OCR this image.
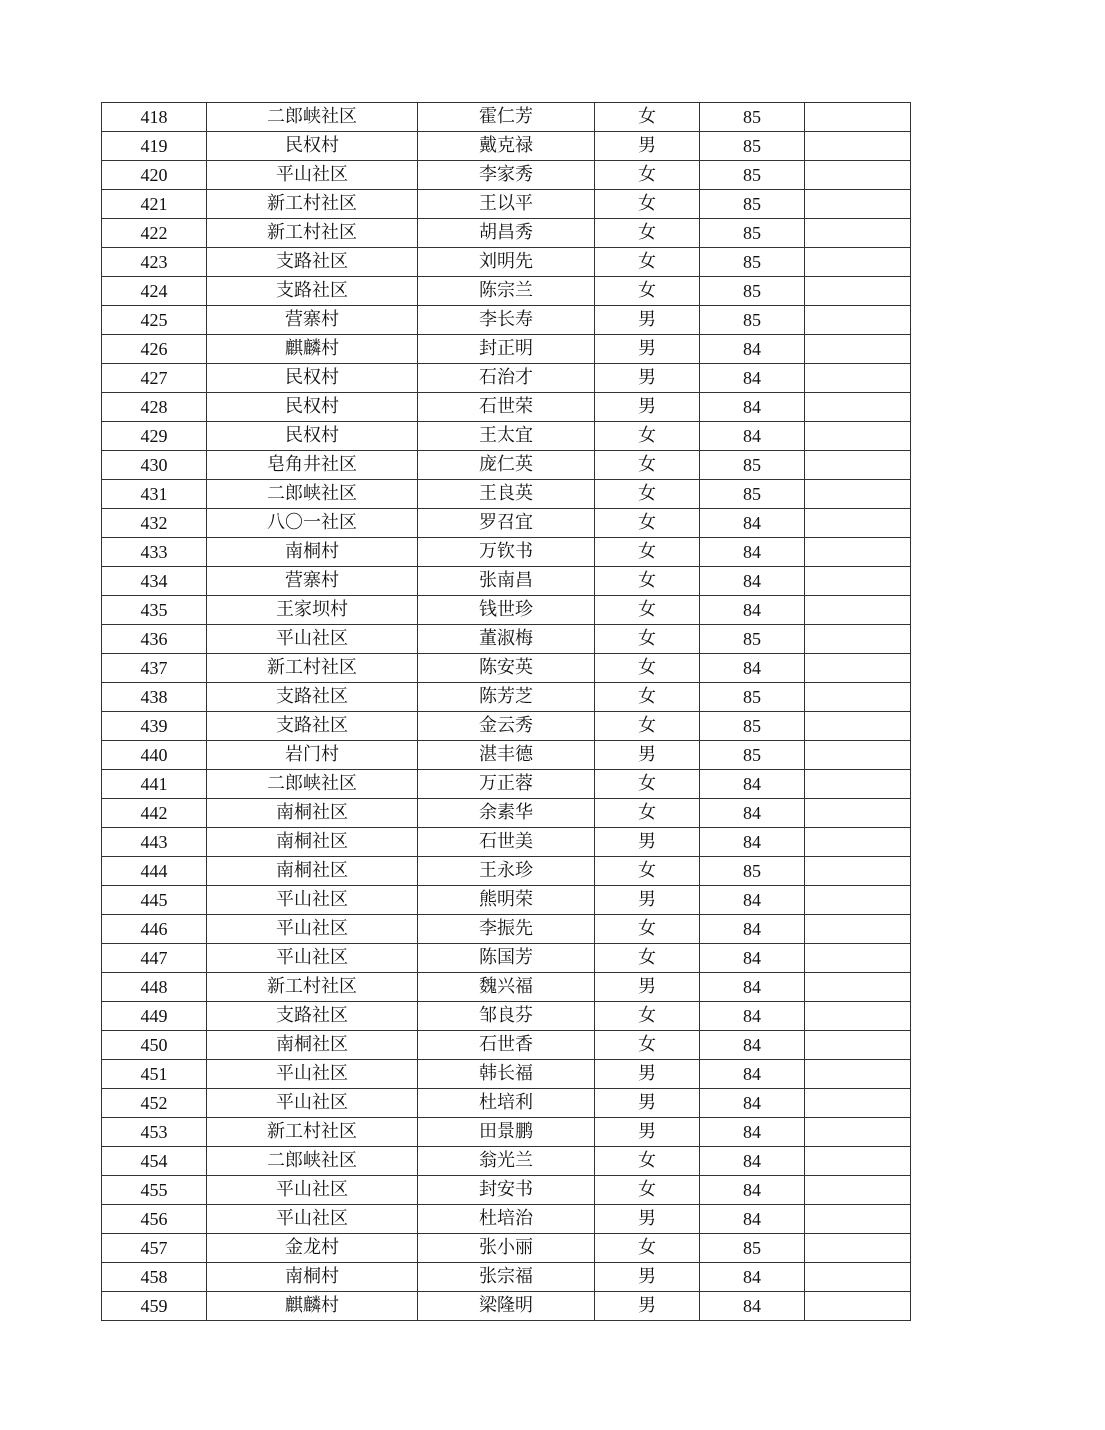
418	二郎峡社区	霍仁芳	女	85	
419	民权村	戴克禄	男	85	
420	平山社区	李家秀	女	85	
421	新工村社区	王以平	女	85	
422	新工村社区	胡昌秀	女	85	
423	支路社区	刘明先	女	85	
424	支路社区	陈宗兰	女	85	
425	营寨村	李长寿	男	85	
426	麒麟村	封正明	男	84	
427	民权村	石治才	男	84	
428	民权村	石世荣	男	84	
429	民权村	王太宜	女	84	
430	皂角井社区	庞仁英	女	85	
431	二郎峡社区	王良英	女	85	
432	八〇一社区	罗召宜	女	84	
433	南桐村	万钦书	女	84	
434	营寨村	张南昌	女	84	
435	王家坝村	钱世珍	女	84	
436	平山社区	董淑梅	女	85	
437	新工村社区	陈安英	女	84	
438	支路社区	陈芳芝	女	85	
439	支路社区	金云秀	女	85	
440	岩门村	湛丰德	男	85	
441	二郎峡社区	万正蓉	女	84	
442	南桐社区	余素华	女	84	
443	南桐社区	石世美	男	84	
444	南桐社区	王永珍	女	85	
445	平山社区	熊明荣	男	84	
446	平山社区	李振先	女	84	
447	平山社区	陈国芳	女	84	
448	新工村社区	魏兴福	男	84	
449	支路社区	邹良芬	女	84	
450	南桐社区	石世香	女	84	
451	平山社区	韩长福	男	84	
452	平山社区	杜培利	男	84	
453	新工村社区	田景鹏	男	84	
454	二郎峡社区	翁光兰	女	84	
455	平山社区	封安书	女	84	
456	平山社区	杜培治	男	84	
457	金龙村	张小丽	女	85	
458	南桐村	张宗福	男	84	
459	麒麟村	梁隆明	男	84	
